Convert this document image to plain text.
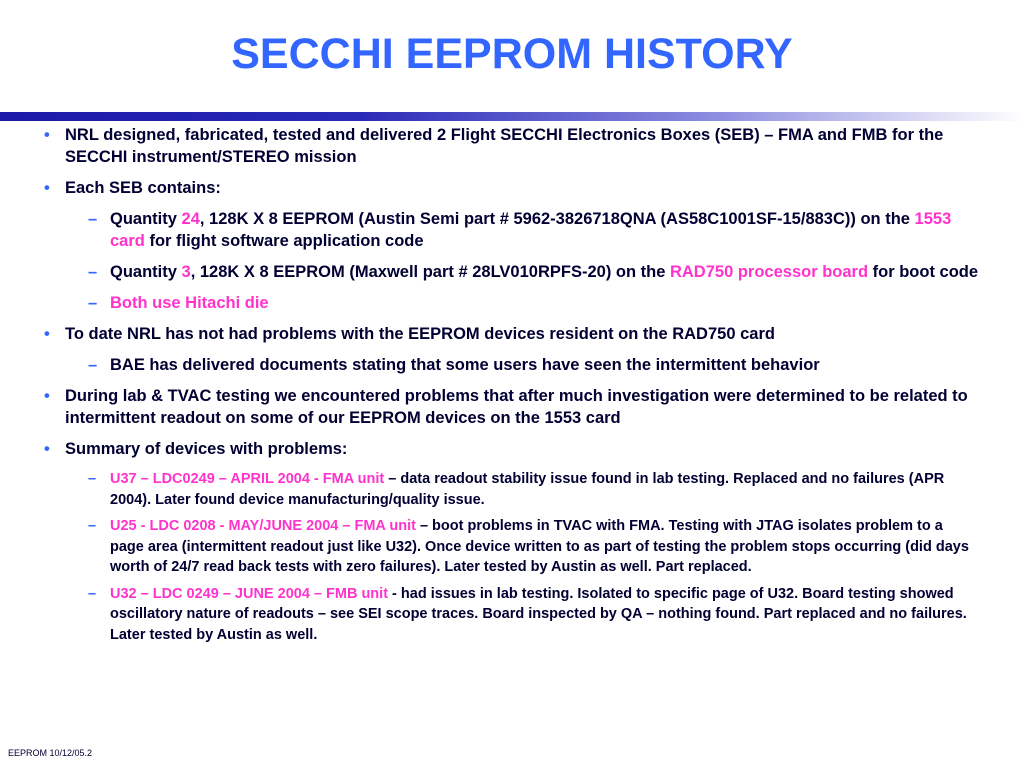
SECCHI EEPROM HISTORY
• NRL designed, fabricated, tested and delivered 2 Flight SECCHI Electronics Boxes (SEB) – FMA and FMB for the SECCHI instrument/STEREO mission
• Each SEB contains:
– Quantity 24, 128K X 8 EEPROM (Austin Semi part # 5962-3826718QNA (AS58C1001SF-15/883C)) on the 1553 card for flight software application code
– Quantity 3, 128K X 8 EEPROM (Maxwell part # 28LV010RPFS-20) on the RAD750 processor board for boot code
– Both use Hitachi die
• To date NRL has not had problems with the EEPROM devices resident on the RAD750 card
– BAE has delivered documents stating that some users have seen the intermittent behavior
• During lab & TVAC testing we encountered problems that after much investigation were determined to be related to intermittent readout on some of our EEPROM devices on the 1553 card
• Summary of devices with problems:
– U37 – LDC0249 – APRIL 2004 - FMA unit – data readout stability issue found in lab testing. Replaced and no failures (APR 2004). Later found device manufacturing/quality issue.
– U25 - LDC 0208 - MAY/JUNE 2004 – FMA unit – boot problems in TVAC with FMA. Testing with JTAG isolates problem to a page area (intermittent readout just like U32). Once device written to as part of testing the problem stops occurring (did days worth of 24/7 read back tests with zero failures). Later tested by Austin as well. Part replaced.
– U32 – LDC 0249 – JUNE 2004 – FMB unit - had issues in lab testing. Isolated to specific page of U32. Board testing showed oscillatory nature of readouts – see SEI scope traces. Board inspected by QA – nothing found. Part replaced and no failures. Later tested by Austin as well.
EEPROM 10/12/05.2
